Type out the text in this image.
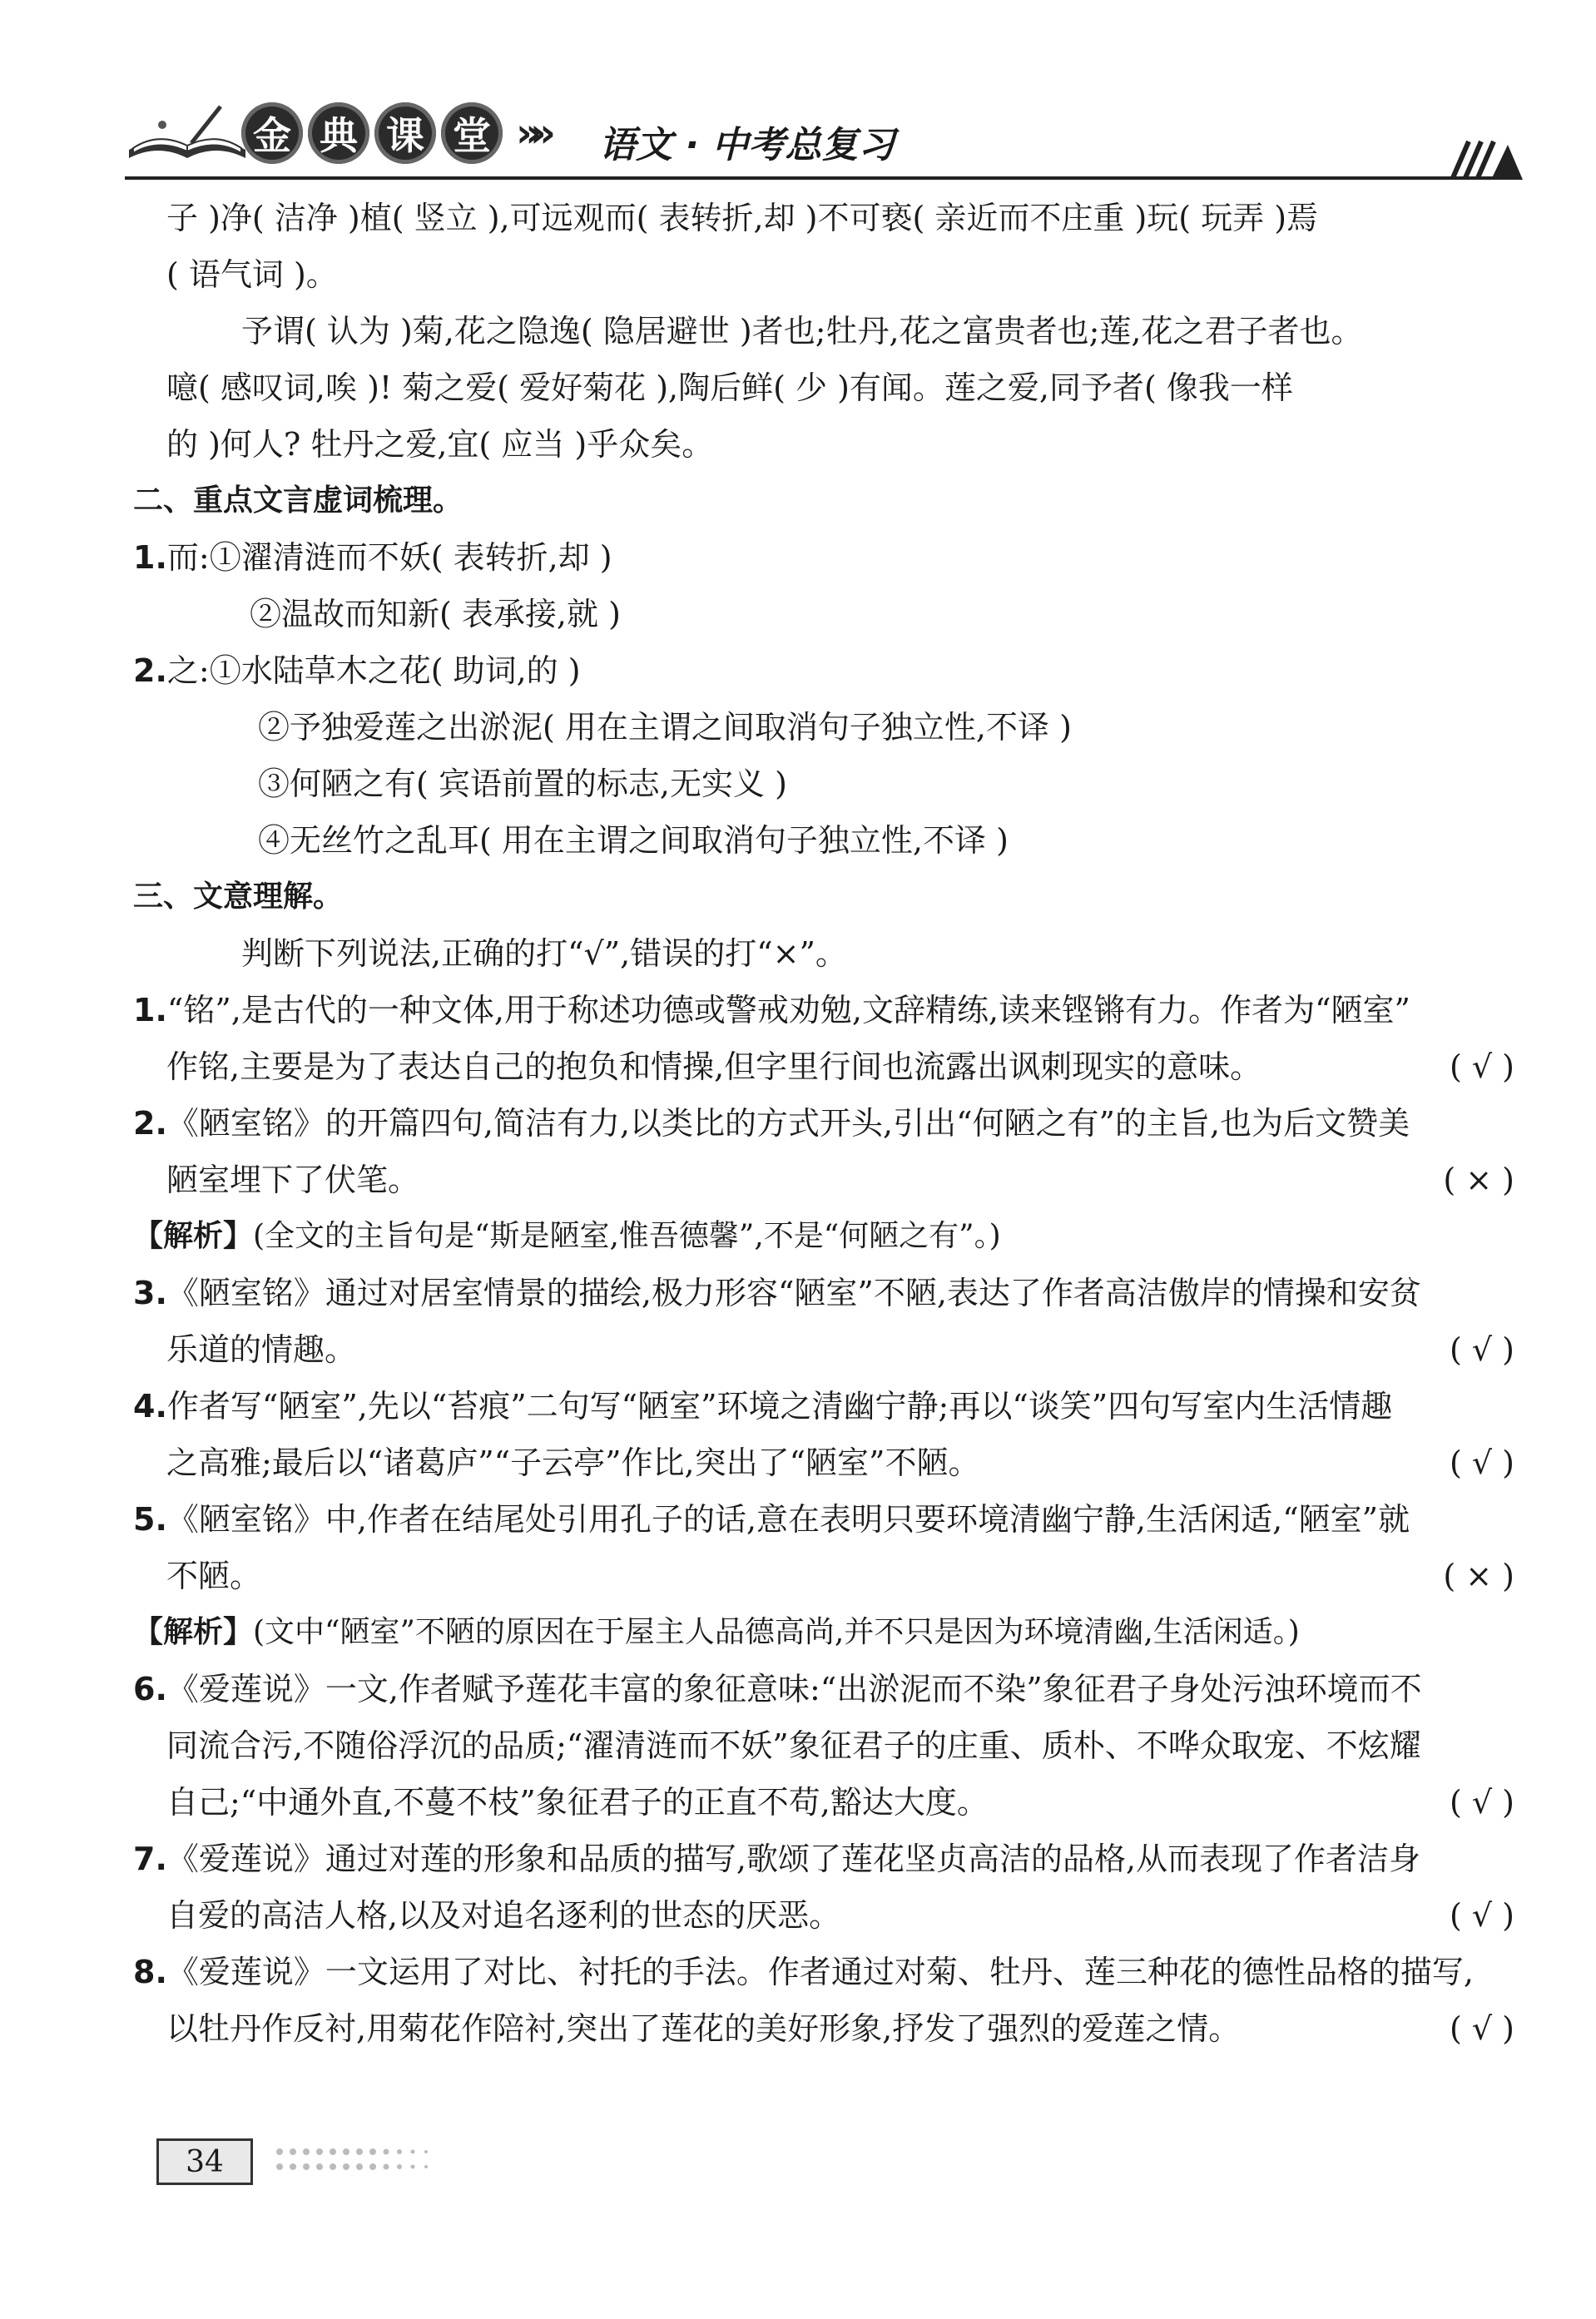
金 典 课 堂 »» 语文 · 中考总复习
子 )净( 洁净 )植( 竖立 ),可远观而( 表转折,却 )不可亵( 亲近而不庄重 )玩( 玩弄 )焉
( 语气词 )。
予谓( 认为 )菊,花之隐逸( 隐居避世 )者也;牡丹,花之富贵者也;莲,花之君子者也。
噫( 感叹词,唉 )! 菊之爱( 爱好菊花 ),陶后鲜( 少 )有闻。莲之爱,同予者( 像我一样
的 )何人? 牡丹之爱,宜( 应当 )乎众矣。
二、重点文言虚词梳理。
1.而:①濯清涟而不妖( 表转折,却 )
②温故而知新( 表承接,就 )
2.之:①水陆草木之花( 助词,的 )
②予独爱莲之出淤泥( 用在主谓之间取消句子独立性,不译 )
③何陋之有( 宾语前置的标志,无实义 )
④无丝竹之乱耳( 用在主谓之间取消句子独立性,不译 )
三、文意理解。
判断下列说法,正确的打“√”,错误的打“×”。
1.“铭”,是古代的一种文体,用于称述功德或警戒劝勉,文辞精练,读来铿锵有力。作者为“陋室”
作铭,主要是为了表达自己的抱负和情操,但字里行间也流露出讽刺现实的意味。	( √ )
2.《陋室铭》的开篇四句,简洁有力,以类比的方式开头,引出“何陋之有”的主旨,也为后文赞美
陋室埋下了伏笔。	( × )
【解析】(全文的主旨句是“斯是陋室,惟吾德馨”,不是“何陋之有”。)
3.《陋室铭》通过对居室情景的描绘,极力形容“陋室”不陋,表达了作者高洁傲岸的情操和安贫
乐道的情趣。	( √ )
4.作者写“陋室”,先以“苔痕”二句写“陋室”环境之清幽宁静;再以“谈笑”四句写室内生活情趣
之高雅;最后以“诸葛庐”“子云亭”作比,突出了“陋室”不陋。	( √ )
5.《陋室铭》中,作者在结尾处引用孔子的话,意在表明只要环境清幽宁静,生活闲适,“陋室”就
不陋。	( × )
【解析】(文中“陋室”不陋的原因在于屋主人品德高尚,并不只是因为环境清幽,生活闲适。)
6.《爱莲说》一文,作者赋予莲花丰富的象征意味:“出淤泥而不染”象征君子身处污浊环境而不
同流合污,不随俗浮沉的品质;“濯清涟而不妖”象征君子的庄重、质朴、不哗众取宠、不炫耀
自己;“中通外直,不蔓不枝”象征君子的正直不苟,豁达大度。	( √ )
7.《爱莲说》通过对莲的形象和品质的描写,歌颂了莲花坚贞高洁的品格,从而表现了作者洁身
自爱的高洁人格,以及对追名逐利的世态的厌恶。	( √ )
8.《爱莲说》一文运用了对比、衬托的手法。作者通过对菊、牡丹、莲三种花的德性品格的描写,
以牡丹作反衬,用菊花作陪衬,突出了莲花的美好形象,抒发了强烈的爱莲之情。	( √ )
34
